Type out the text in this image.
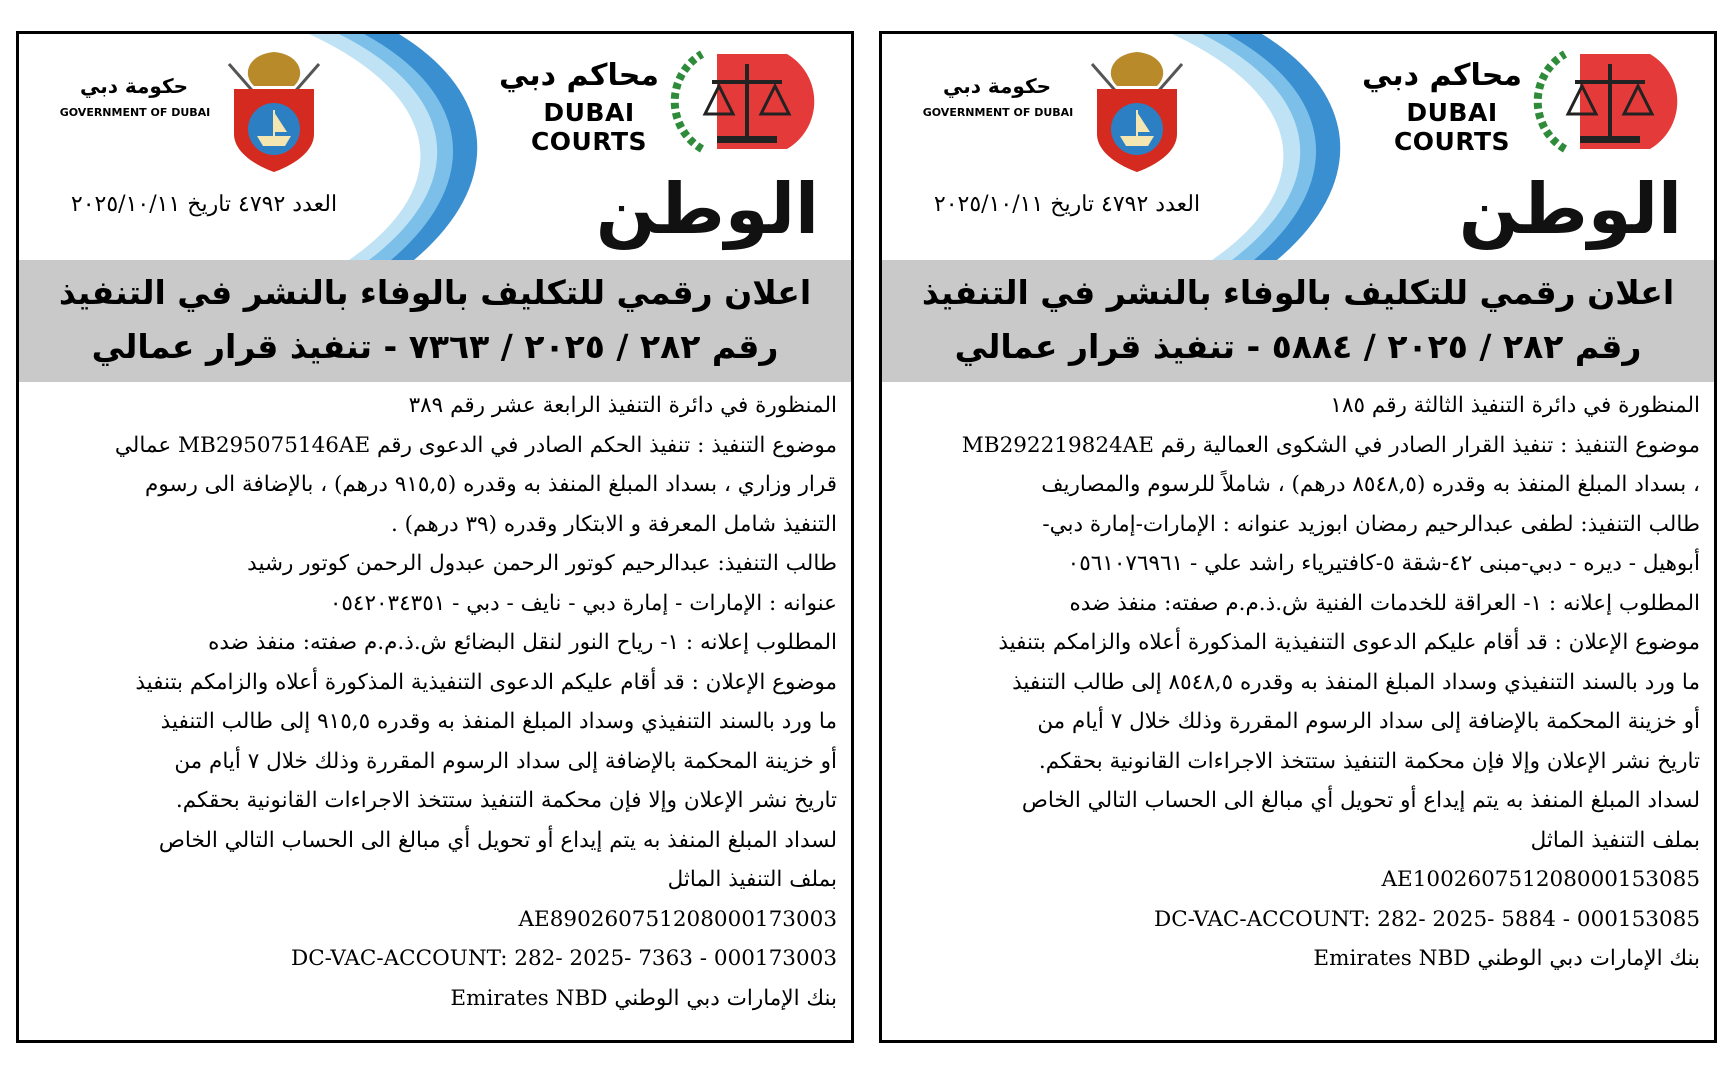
محاكم دبي
DUBAI COURTS
حكومة دبي
GOVERNMENT OF DUBAI
الوطن
العدد ٤٧٩٢ تاريخ ٢٠٢٥/١٠/١١
اعلان رقمي للتكليف بالوفاء بالنشر في التنفيذ
رقم ٢٨٢ / ٢٠٢٥ / ٥٨٨٤ - تنفيذ قرار عمالي

المنظورة في دائرة التنفيذ الثالثة رقم ١٨٥

موضوع التنفيذ : تنفيذ القرار الصادر في الشكوى العمالية رقم MB292219824AE

، بسداد المبلغ المنفذ به وقدره (٨٥٤٨,٥ درهم) ، شاملاً للرسوم والمصاريف

طالب التنفيذ: لطفى عبدالرحيم رمضان ابوزيد عنوانه : الإمارات-إمارة دبي-

أبوهيل - ديره - دبي-مبنى ٤٢-شقة ٥-كافتيرياء راشد علي - ٠٥٦١٠٧٦٩٦١

المطلوب إعلانه : ١- العراقة للخدمات الفنية ش.ذ.م.م صفته: منفذ ضده

موضوع الإعلان : قد أقام عليكم الدعوى التنفيذية المذكورة أعلاه والزامكم بتنفيذ

ما ورد بالسند التنفيذي وسداد المبلغ المنفذ به وقدره ٨٥٤٨,٥ إلى طالب التنفيذ

أو خزينة المحكمة بالإضافة إلى سداد الرسوم المقررة وذلك خلال ٧ أيام من

تاريخ نشر الإعلان وإلا فإن محكمة التنفيذ ستتخذ الاجراءات القانونية بحقكم.

لسداد المبلغ المنفذ به يتم إيداع أو تحويل أي مبالغ الى الحساب التالي الخاص

بملف التنفيذ الماثل

AE100260751208000153085

DC-VAC-ACCOUNT: 282- 2025- 5884 - 000153085

بنك الإمارات دبي الوطني Emirates NBD

محاكم دبي
DUBAI COURTS
حكومة دبي
GOVERNMENT OF DUBAI
الوطن
العدد ٤٧٩٢ تاريخ ٢٠٢٥/١٠/١١
اعلان رقمي للتكليف بالوفاء بالنشر في التنفيذ
رقم ٢٨٢ / ٢٠٢٥ / ٧٣٦٣ - تنفيذ قرار عمالي

المنظورة في دائرة التنفيذ الرابعة عشر رقم ٣٨٩

موضوع التنفيذ : تنفيذ الحكم الصادر في الدعوى رقم MB295075146AE عمالي

قرار وزاري ، بسداد المبلغ المنفذ به وقدره (٩١٥,٥ درهم) ، بالإضافة الى رسوم

التنفيذ شامل المعرفة و الابتكار وقدره (٣٩ درهم) .

طالب التنفيذ: عبدالرحيم كوتور الرحمن عبدول الرحمن كوتور رشيد

عنوانه : الإمارات - إمارة دبي - نايف - دبي - ٠٥٤٢٠٣٤٣٥١

المطلوب إعلانه : ١- رياح النور لنقل البضائع ش.ذ.م.م صفته: منفذ ضده

موضوع الإعلان : قد أقام عليكم الدعوى التنفيذية المذكورة أعلاه والزامكم بتنفيذ

ما ورد بالسند التنفيذي وسداد المبلغ المنفذ به وقدره ٩١٥,٥ إلى طالب التنفيذ

أو خزينة المحكمة بالإضافة إلى سداد الرسوم المقررة وذلك خلال ٧ أيام من

تاريخ نشر الإعلان وإلا فإن محكمة التنفيذ ستتخذ الاجراءات القانونية بحقكم.

لسداد المبلغ المنفذ به يتم إيداع أو تحويل أي مبالغ الى الحساب التالي الخاص

بملف التنفيذ الماثل

AE890260751208000173003

DC-VAC-ACCOUNT: 282- 2025- 7363 - 000173003

بنك الإمارات دبي الوطني Emirates NBD
